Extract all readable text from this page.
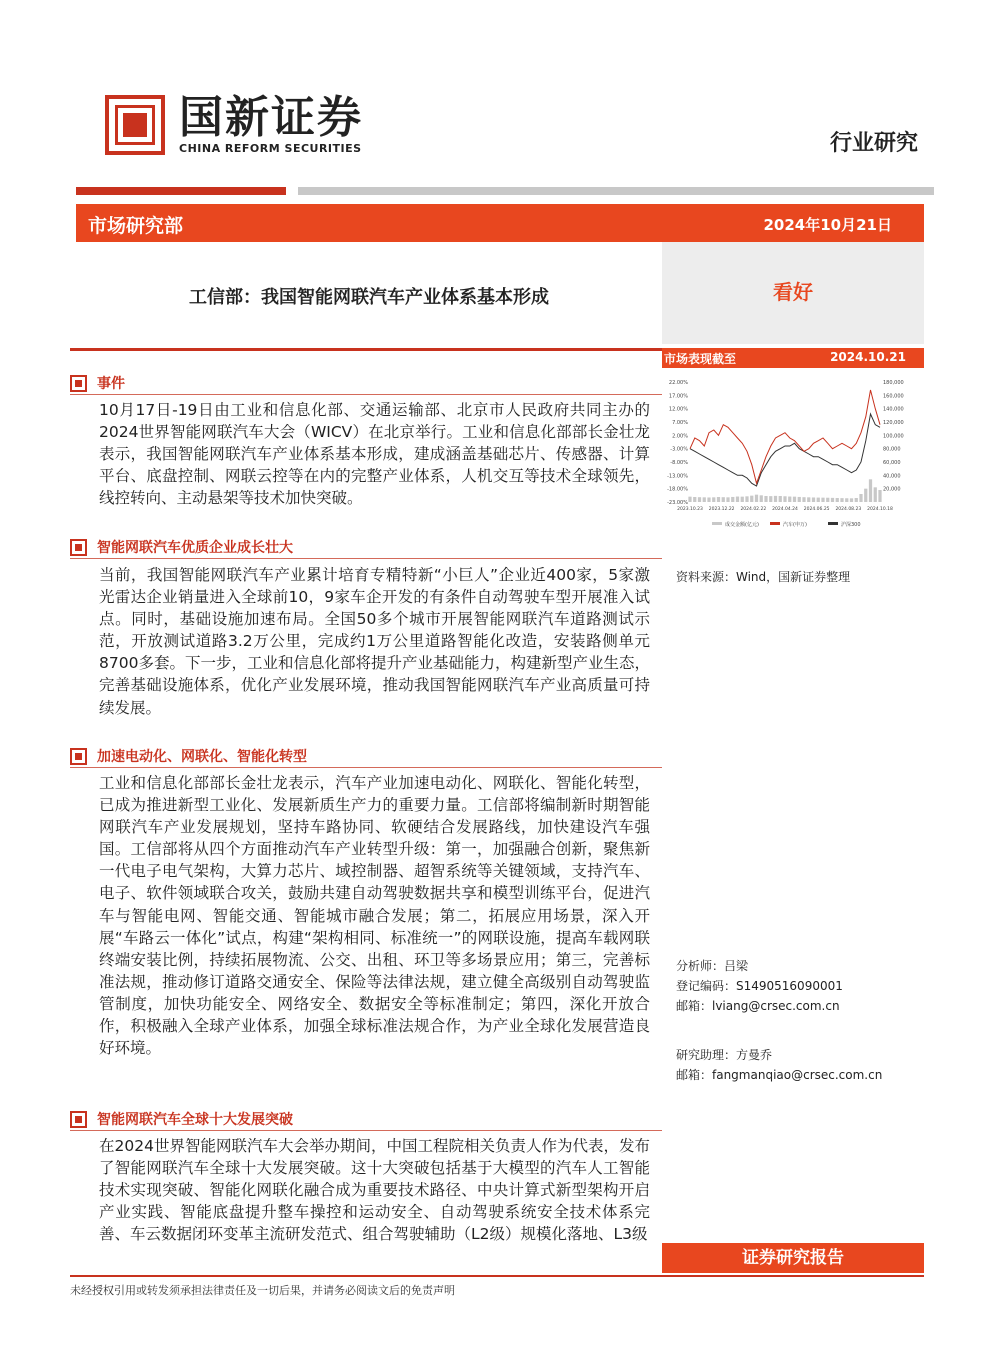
国新证券
CHINA REFORM SECURITIES	行业研究
市场研究部	2024年10月21日
看好
工信部：我国智能网联汽车产业体系基本形成
市场表现截至	2024.10.21
22.00%
17.00%
12.00%
7.00%
2.00%
-3.00%
-8.00%
-13.00%
-18.00%
-23.00%
180,000
160,000
140,000
120,000
100,000
80,000
60,000
40,000
20,000
2023.10.23 2023.12.22 2024.02.22 2024.04.24 2024.06.25 2024.08.23 2024.10.18
成交金额(亿元)	汽车(申万)	沪深300
资料来源：Wind，国新证券整理
分析师：吕梁
登记编码：S1490516090001
邮箱：lviang@crsec.com.cn
研究助理：方曼乔
邮箱：fangmanqiao@crsec.com.cn
事件
10月17日-19日由工业和信息化部、交通运输部、北京市人民政府共同主办的2024世界智能网联汽车大会（WICV）在北京举行。工业和信息化部部长金壮龙表示，我国智能网联汽车产业体系基本形成，建成涵盖基础芯片、传感器、计算平台、底盘控制、网联云控等在内的完整产业体系，人机交互等技术全球领先，线控转向、主动悬架等技术加快突破。
智能网联汽车优质企业成长壮大
当前，我国智能网联汽车产业累计培育专精特新“小巨人”企业近400家，5家激光雷达企业销量进入全球前10，9家车企开发的有条件自动驾驶车型开展准入试点。同时，基础设施加速布局。全国50多个城市开展智能网联汽车道路测试示范，开放测试道路3.2万公里，完成约1万公里道路智能化改造，安装路侧单元8700多套。下一步，工业和信息化部将提升产业基础能力，构建新型产业生态，完善基础设施体系，优化产业发展环境，推动我国智能网联汽车产业高质量可持续发展。
加速电动化、网联化、智能化转型
工业和信息化部部长金壮龙表示，汽车产业加速电动化、网联化、智能化转型，已成为推进新型工业化、发展新质生产力的重要力量。工信部将编制新时期智能网联汽车产业发展规划，坚持车路协同、软硬结合发展路线，加快建设汽车强国。工信部将从四个方面推动汽车产业转型升级：第一，加强融合创新，聚焦新一代电子电气架构，大算力芯片、域控制器、超智系统等关键领域，支持汽车、电子、软件领域联合攻关，鼓励共建自动驾驶数据共享和模型训练平台，促进汽车与智能电网、智能交通、智能城市融合发展；第二，拓展应用场景，深入开展“车路云一体化”试点，构建“架构相同、标准统一”的网联设施，提高车载网联终端安装比例，持续拓展物流、公交、出租、环卫等多场景应用；第三，完善标准法规，推动修订道路交通安全、保险等法律法规，建立健全高级别自动驾驶监管制度，加快功能安全、网络安全、数据安全等标准制定；第四，深化开放合作，积极融入全球产业体系，加强全球标准法规合作，为产业全球化发展营造良好环境。
智能网联汽车全球十大发展突破
在2024世界智能网联汽车大会举办期间，中国工程院相关负责人作为代表，发布了智能网联汽车全球十大发展突破。这十大突破包括基于大模型的汽车人工智能技术实现突破、智能化网联化融合成为重要技术路径、中央计算式新型架构开启产业实践、智能底盘提升整车操控和运动安全、自动驾驶系统安全技术体系完善、车云数据闭环变革主流研发范式、组合驾驶辅助（L2级）规模化落地、L3级
证券研究报告
未经授权引用或转发须承担法律责任及一切后果，并请务必阅读文后的免责声明
